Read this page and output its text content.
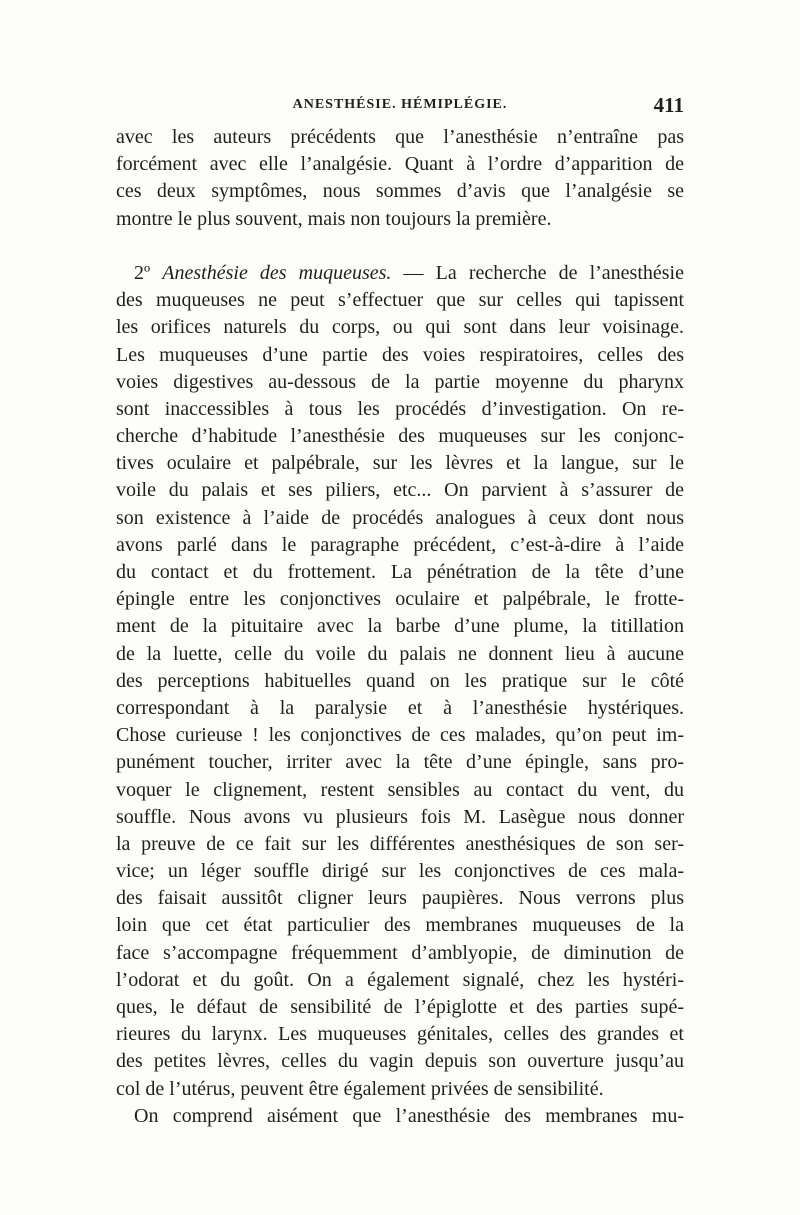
ANESTHÉSIE. HÉMIPLÉGIE.	411
avec les auteurs précédents que l’anesthésie n’entraîne pas
forcément avec elle l’analgésie. Quant à l’ordre d’apparition de
ces deux symptômes, nous sommes d’avis que l’analgésie se
montre le plus souvent, mais non toujours la première.
2º Anesthésie des muqueuses. — La recherche de l’anesthésie
des muqueuses ne peut s’effectuer que sur celles qui tapissent
les orifices naturels du corps, ou qui sont dans leur voisinage.
Les muqueuses d’une partie des voies respiratoires, celles des
voies digestives au-dessous de la partie moyenne du pharynx
sont inaccessibles à tous les procédés d’investigation. On re-
cherche d’habitude l’anesthésie des muqueuses sur les conjonc-
tives oculaire et palpébrale, sur les lèvres et la langue, sur le
voile du palais et ses piliers, etc... On parvient à s’assurer de
son existence à l’aide de procédés analogues à ceux dont nous
avons parlé dans le paragraphe précédent, c’est-à-dire à l’aide
du contact et du frottement. La pénétration de la tête d’une
épingle entre les conjonctives oculaire et palpébrale, le frotte-
ment de la pituitaire avec la barbe d’une plume, la titillation
de la luette, celle du voile du palais ne donnent lieu à aucune
des perceptions habituelles quand on les pratique sur le côté
correspondant à la paralysie et à l’anesthésie hystériques.
Chose curieuse ! les conjonctives de ces malades, qu’on peut im-
punément toucher, irriter avec la tête d’une épingle, sans pro-
voquer le clignement, restent sensibles au contact du vent, du
souffle. Nous avons vu plusieurs fois M. Lasègue nous donner
la preuve de ce fait sur les différentes anesthésiques de son ser-
vice; un léger souffle dirigé sur les conjonctives de ces mala-
des faisait aussitôt cligner leurs paupières. Nous verrons plus
loin que cet état particulier des membranes muqueuses de la
face s’accompagne fréquemment d’amblyopie, de diminution de
l’odorat et du goût. On a également signalé, chez les hystéri-
ques, le défaut de sensibilité de l’épiglotte et des parties supé-
rieures du larynx. Les muqueuses génitales, celles des grandes et
des petites lèvres, celles du vagin depuis son ouverture jusqu’au
col de l’utérus, peuvent être également privées de sensibilité.
On comprend aisément que l’anesthésie des membranes mu-
